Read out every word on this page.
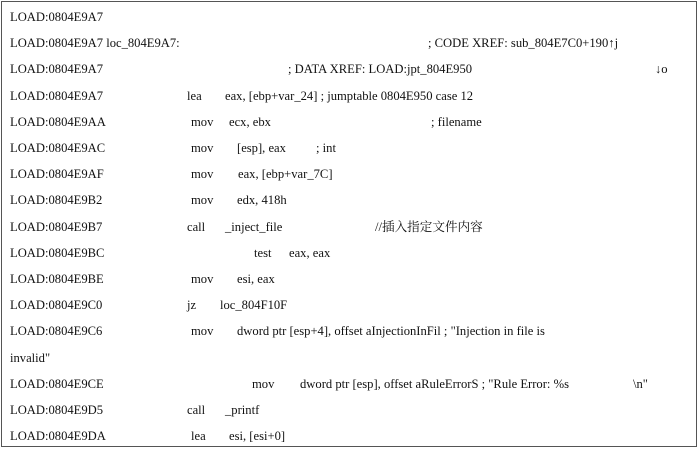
LOAD:0804E9A7
LOAD:0804E9A7 loc_804E9A7:	; CODE XREF: sub_804E7C0+190↑j
LOAD:0804E9A7	; DATA XREF: LOAD:jpt_804E950	↓o
LOAD:0804E9A7	lea eax, [ebp+var_24] ; jumptable 0804E950 case 12
LOAD:0804E9AA	mov ecx, ebx	; filename
LOAD:0804E9AC	mov [esp], eax ; int
LOAD:0804E9AF	mov eax, [ebp+var_7C]
LOAD:0804E9B2	mov edx, 418h
LOAD:0804E9B7	call _inject_file	//插入指定文件内容
LOAD:0804E9BC	test eax, eax
LOAD:0804E9BE	mov esi, eax
LOAD:0804E9C0	jz loc_804F10F
LOAD:0804E9C6	mov dword ptr [esp+4], offset aInjectionInFil ; "Injection in file is
invalid"
LOAD:0804E9CE	mov dword ptr [esp], offset aRuleErrorS ; "Rule Error: %s	\n"
LOAD:0804E9D5	call _printf
LOAD:0804E9DA	lea esi, [esi+0]
